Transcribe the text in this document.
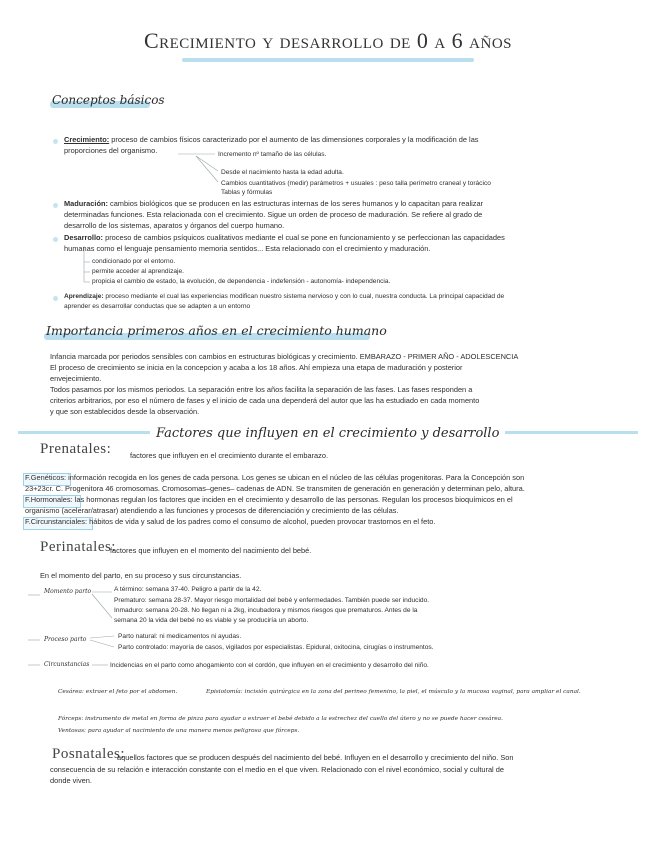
Crecimiento y desarrollo de 0 a 6 años
Conceptos básicos
Crecimiento: proceso de cambios físicos caracterizado por el aumento de las dimensiones corporales y la modificación de las
proporciones del organismo.	Incremento nº tamaño de las células.
Desde el nacimiento hasta la edad adulta.
Cambios cuantitativos (medir) parámetros + usuales : peso talla perímetro craneal y torácico
Tablas y fórmulas
Maduración: cambios biológicos que se producen en las estructuras internas de los seres humanos y lo capacitan para realizar
determinadas funciones. Esta relacionada con el crecimiento. Sigue un orden de proceso de maduración. Se refiere al grado de
desarrollo de los sistemas, aparatos y órganos del cuerpo humano.
Desarrollo: proceso de cambios psíquicos cualitativos mediante el cual se pone en funcionamiento y se perfeccionan las capacidades
humanas como el lenguaje pensamiento memoria sentidos... Esta relacionado con el crecimiento y maduración.
condicionado por el entorno.
permite acceder al aprendizaje.
propicia el cambio de estado, la evolución, de dependencia - indefensión - autonomía- independencia.
Aprendizaje: proceso mediante el cual las experiencias modifican nuestro sistema nervioso y con lo cual, nuestra conducta. La principal capacidad de
aprender es desarrollar conductas que se adapten a un entorno
Importancia primeros años en el crecimiento humano
Infancia marcada por periodos sensibles con cambios en estructuras biológicas y crecimiento. EMBARAZO - PRIMER AÑO - ADOLESCENCIA
El proceso de crecimiento se inicia en la concepcion y acaba a los 18 años. Ahí empieza una etapa de maduración y posterior
envejecimiento.
Todos pasamos por los mismos periodos. La separación entre los años facilita la separación de las fases. Las fases responden a
criterios arbitrarios, por eso el número de fases y el inicio de cada una dependerá del autor que las ha estudiado en cada momento
y que son establecidos desde la observación.
Factores que influyen en el crecimiento y desarrollo
Prenatales:	factores que influyen en el crecimiento durante el embarazo.
F.Genéticos: información recogida en los genes de cada persona. Los genes se ubican en el núcleo de las células progenitoras. Para la Concepción son
23+23cr. C. Progenitora 46 cromosomas. Cromosomas–genes– cadenas de ADN. Se transmiten de generación en generación y determinan pelo, altura.
F.Hormonales: las hormonas regulan los factores que inciden en el crecimiento y desarrollo de las personas. Regulan los procesos bioquímicos en el
organismo (acelerar/atrasar) atendiendo a las funciones y procesos de diferenciación y crecimiento de las células.
F.Circunstanciales: hábitos de vida y salud de los padres como el consumo de alcohol, pueden provocar trastornos en el feto.
Perinatales:
factores que influyen en el momento del nacimiento del bebé.
En el momento del parto, en su proceso y sus circunstancias.
Momento parto	A término: semana 37-40. Peligro a partir de la 42.
Prematuro: semana 28-37. Mayor riesgo mortalidad del bebé y enfermedades. También puede ser inducido.
Inmaduro: semana 20-28. No llegan ni a 2kg, incubadora y mismos riesgos que prematuros. Antes de la
semana 20 la vida del bebé no es viable y se produciría un aborto.
Proceso parto	Parto natural: ni medicamentos ni ayudas.
Parto controlado: mayoría de casos, vigilados por especialistas. Epidural, oxitocina, cirugías o instrumentos.
Circunstancias	Incidencias en el parto como ahogamiento con el cordón, que influyen en el crecimiento y desarrollo del niño.
Cesárea: extraer el feto por el abdomen.	Episiotomía: incisión quirúrgica en la zona del perineo femenino, la piel, el músculo y la mucosa vaginal, para ampliar el canal.
Fórceps: instrumento de metal en forma de pinza para ayudar a extraer el bebé debido a la estrechez del cuello del útero y no se puede hacer cesárea.
Ventosas: para ayudar al nacimiento de una manera menos peligrosa que fórceps.
Posnatales:
aquellos factores que se producen después del nacimiento del bebé. Influyen en el desarrollo y crecimiento del niño. Son
consecuencia de su relación e interacción constante con el medio en el que viven. Relacionado con el nivel económico, social y cultural de
donde viven.
